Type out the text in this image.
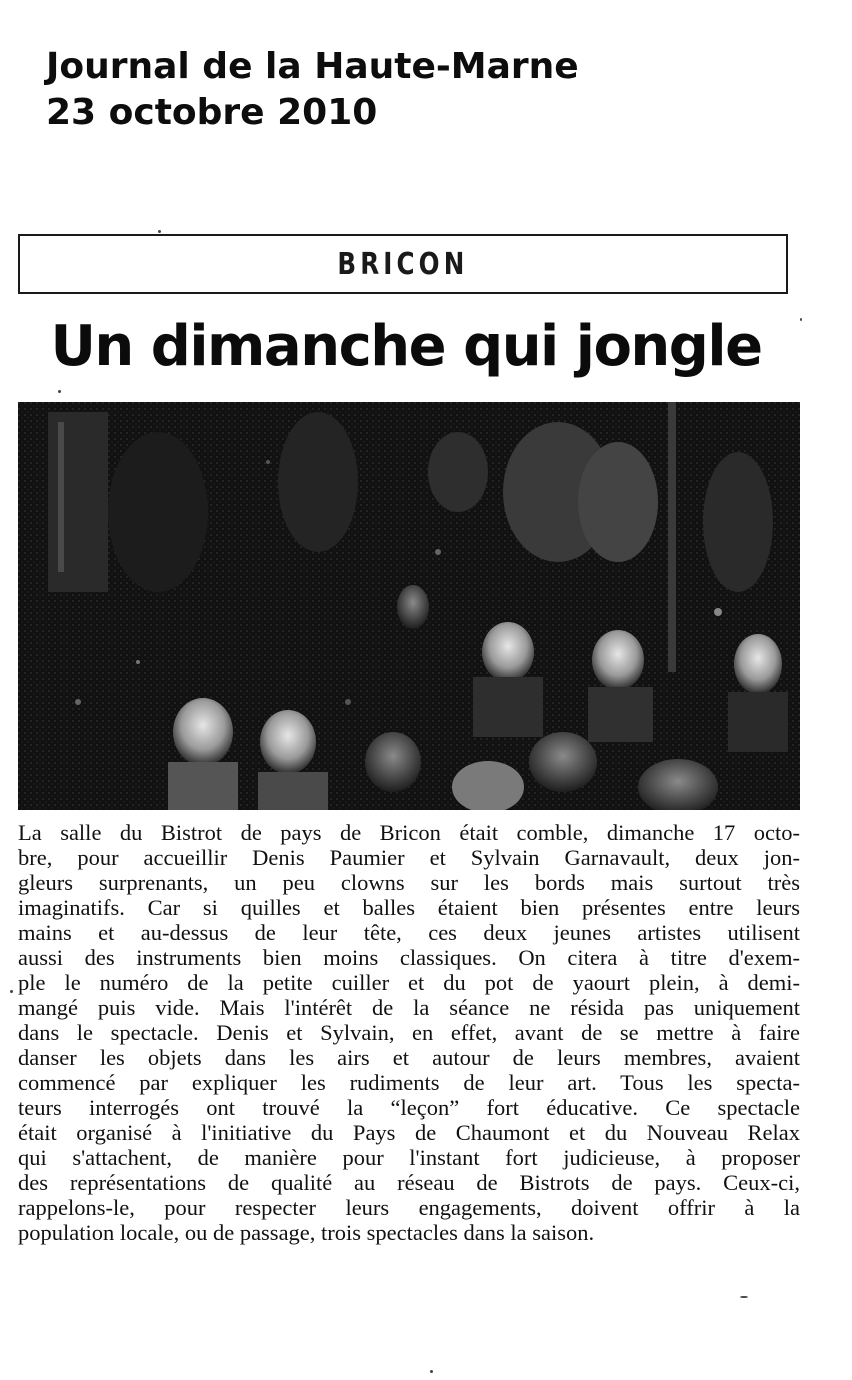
Journal de la Haute-Marne
23 octobre 2010
BRICON
Un dimanche qui jongle
La salle du Bistrot de pays de Bricon était comble, dimanche 17 octo-
bre, pour accueillir Denis Paumier et Sylvain Garnavault, deux jon-
gleurs surprenants, un peu clowns sur les bords mais surtout très
imaginatifs. Car si quilles et balles étaient bien présentes entre leurs
mains et au-dessus de leur tête, ces deux jeunes artistes utilisent
aussi des instruments bien moins classiques. On citera à titre d'exem-
ple le numéro de la petite cuiller et du pot de yaourt plein, à demi-
mangé puis vide. Mais l'intérêt de la séance ne résida pas uniquement
dans le spectacle. Denis et Sylvain, en effet, avant de se mettre à faire
danser les objets dans les airs et autour de leurs membres, avaient
commencé par expliquer les rudiments de leur art. Tous les specta-
teurs interrogés ont trouvé la “leçon” fort éducative. Ce spectacle
était organisé à l'initiative du Pays de Chaumont et du Nouveau Relax
qui s'attachent, de manière pour l'instant fort judicieuse, à proposer
des représentations de qualité au réseau de Bistrots de pays. Ceux-ci,
rappelons-le, pour respecter leurs engagements, doivent offrir à la
population locale, ou de passage, trois spectacles dans la saison.
